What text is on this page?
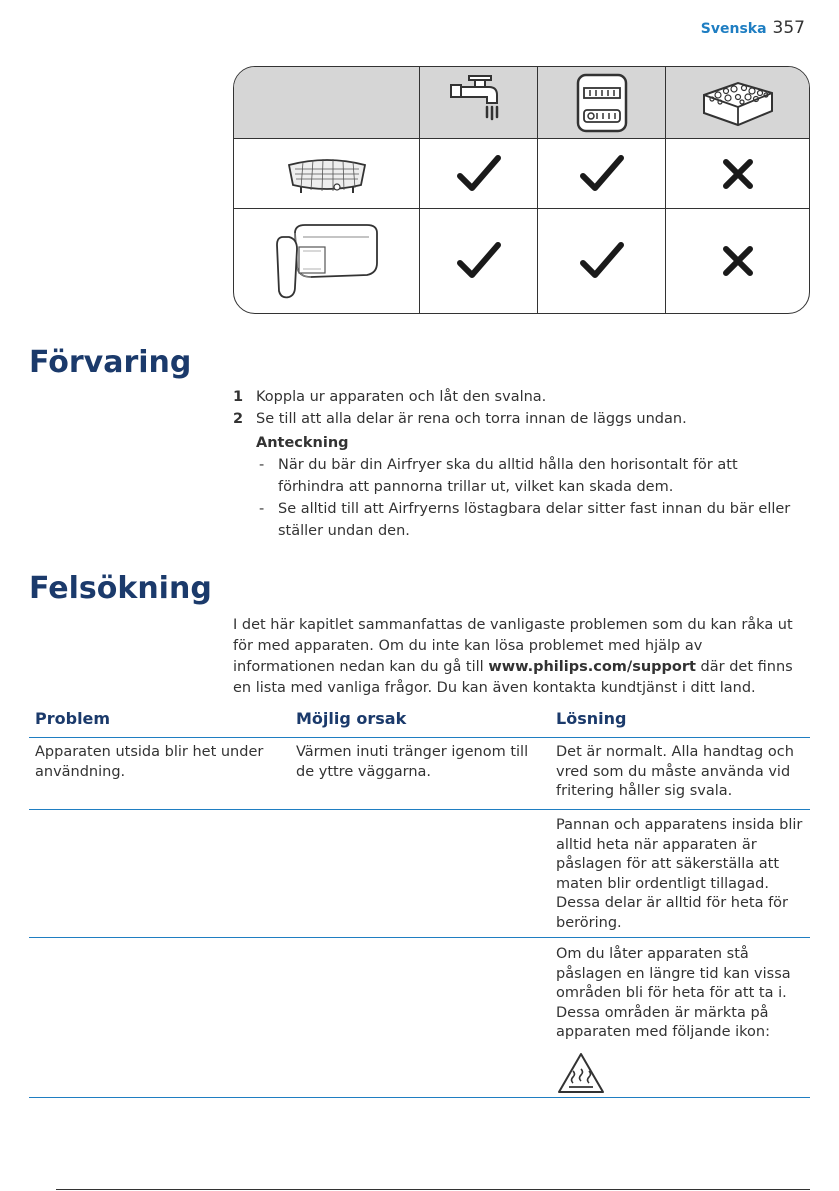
Svenska 357
Förvaring
1 Koppla ur apparaten och låt den svalna.
2 Se till att alla delar är rena och torra innan de läggs undan.
Anteckning
- När du bär din Airfryer ska du alltid hålla den horisontalt för att förhindra att pannorna trillar ut, vilket kan skada dem.
- Se alltid till att Airfryerns löstagbara delar sitter fast innan du bär eller ställer undan den.
Felsökning

I det här kapitlet sammanfattas de vanligaste problemen som du kan råka ut för med apparaten. Om du inte kan lösa problemet med hjälp av informationen nedan kan du gå till www.philips.com/support där det finns en lista med vanliga frågor. Du kan även kontakta kundtjänst i ditt land.

Problem	Möjlig orsak	Lösning
Apparaten utsida blir het under användning.
Värmen inuti tränger igenom till de yttre väggarna.
Det är normalt. Alla handtag och vred som du måste använda vid fritering håller sig svala.
Pannan och apparatens insida blir alltid heta när apparaten är påslagen för att säkerställa att maten blir ordentligt tillagad. Dessa delar är alltid för heta för beröring.
Om du låter apparaten stå påslagen en längre tid kan vissa områden bli för heta för att ta i. Dessa områden är märkta på apparaten med följande ikon:
